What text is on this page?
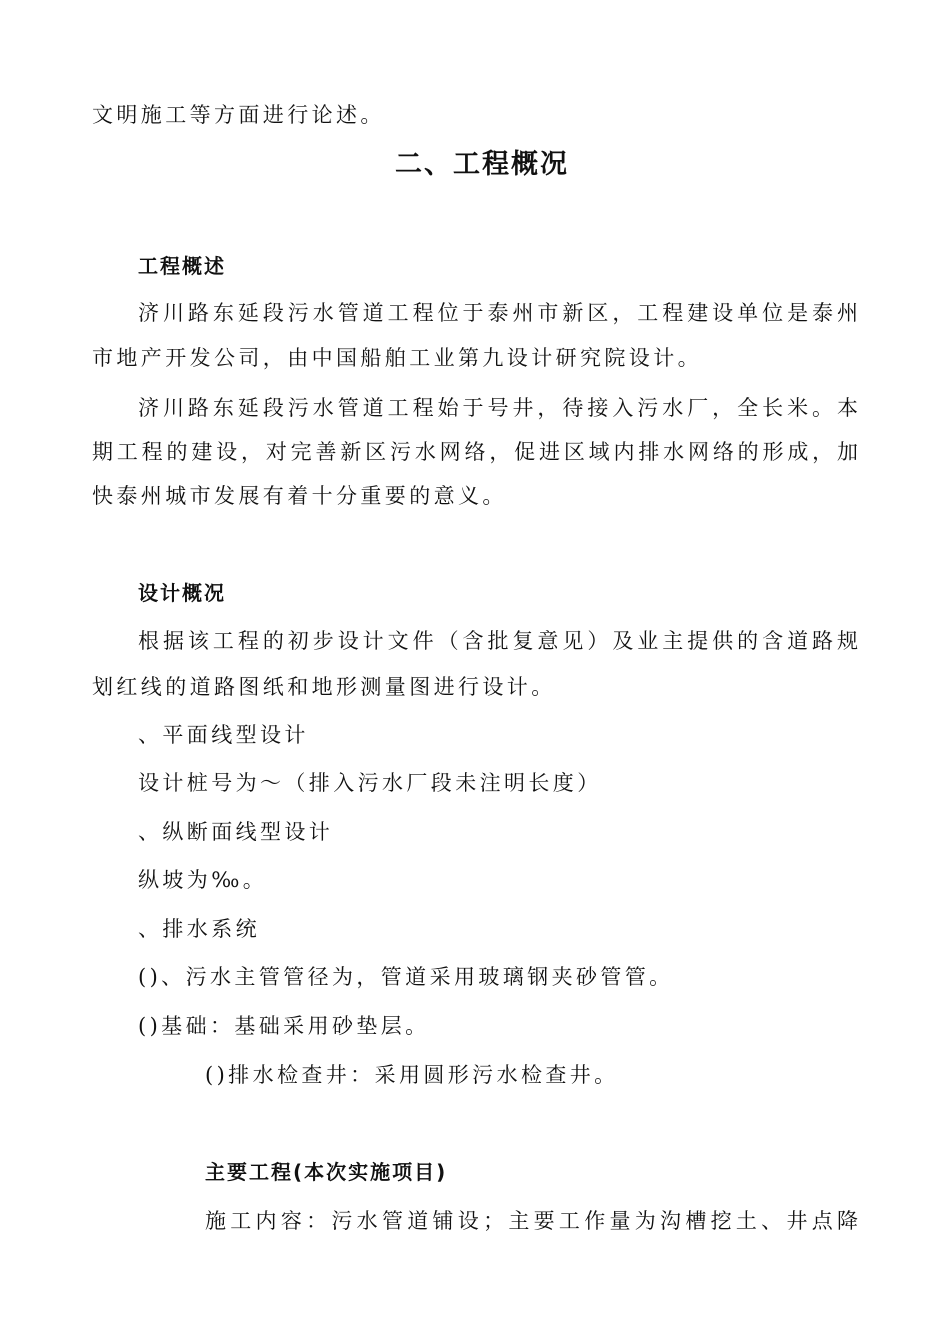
文明施工等方面进行论述。
二、工程概况
工程概述
济川路东延段污水管道工程位于泰州市新区，工程建设单位是泰州
市地产开发公司，由中国船舶工业第九设计研究院设计。
济川路东延段污水管道工程始于号井，待接入污水厂，全长米。本
期工程的建设，对完善新区污水网络，促进区域内排水网络的形成，加
快泰州城市发展有着十分重要的意义。
设计概况
根据该工程的初步设计文件（含批复意见）及业主提供的含道路规
划红线的道路图纸和地形测量图进行设计。
、平面线型设计
设计桩号为～（排入污水厂段未注明长度）
、纵断面线型设计
纵坡为‰。
、排水系统
()、污水主管管径为，管道采用玻璃钢夹砂管管。
()基础：基础采用砂垫层。
()排水检查井：采用圆形污水检查井。
主要工程(本次实施项目)
施工内容：污水管道铺设；主要工作量为沟槽挖土、井点降
